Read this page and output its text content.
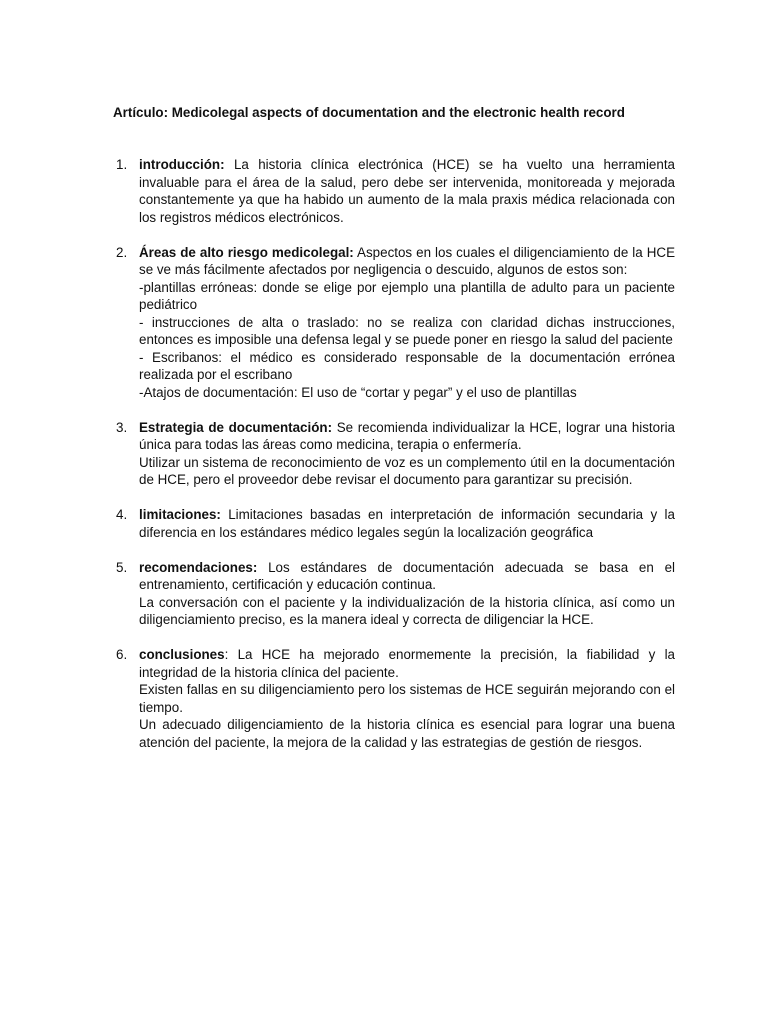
Artículo: Medicolegal aspects of documentation and the electronic health record
1. introducción: La historia clínica electrónica (HCE) se ha vuelto una herramienta invaluable para el área de la salud, pero debe ser intervenida, monitoreada y mejorada constantemente ya que ha habido un aumento de la mala praxis médica relacionada con los registros médicos electrónicos.
2. Áreas de alto riesgo medicolegal: Aspectos en los cuales el diligenciamiento de la HCE se ve más fácilmente afectados por negligencia o descuido, algunos de estos son:
-plantillas erróneas: donde se elige por ejemplo una plantilla de adulto para un paciente pediátrico
- instrucciones de alta o traslado: no se realiza con claridad dichas instrucciones, entonces es imposible una defensa legal y se puede poner en riesgo la salud del paciente
- Escribanos: el médico es considerado responsable de la documentación errónea realizada por el escribano
-Atajos de documentación: El uso de “cortar y pegar” y el uso de plantillas
3. Estrategia de documentación: Se recomienda individualizar la HCE, lograr una historia única para todas las áreas como medicina, terapia o enfermería.
Utilizar un sistema de reconocimiento de voz es un complemento útil en la documentación de HCE, pero el proveedor debe revisar el documento para garantizar su precisión.
4. limitaciones: Limitaciones basadas en interpretación de información secundaria y la diferencia en los estándares médico legales según la localización geográfica
5. recomendaciones: Los estándares de documentación adecuada se basa en el entrenamiento, certificación y educación continua.
La conversación con el paciente y la individualización de la historia clínica, así como un diligenciamiento preciso, es la manera ideal y correcta de diligenciar la HCE.
6. conclusiones: La HCE ha mejorado enormemente la precisión, la fiabilidad y la integridad de la historia clínica del paciente.
Existen fallas en su diligenciamiento pero los sistemas de HCE seguirán mejorando con el tiempo.
Un adecuado diligenciamiento de la historia clínica es esencial para lograr una buena atención del paciente, la mejora de la calidad y las estrategias de gestión de riesgos.
